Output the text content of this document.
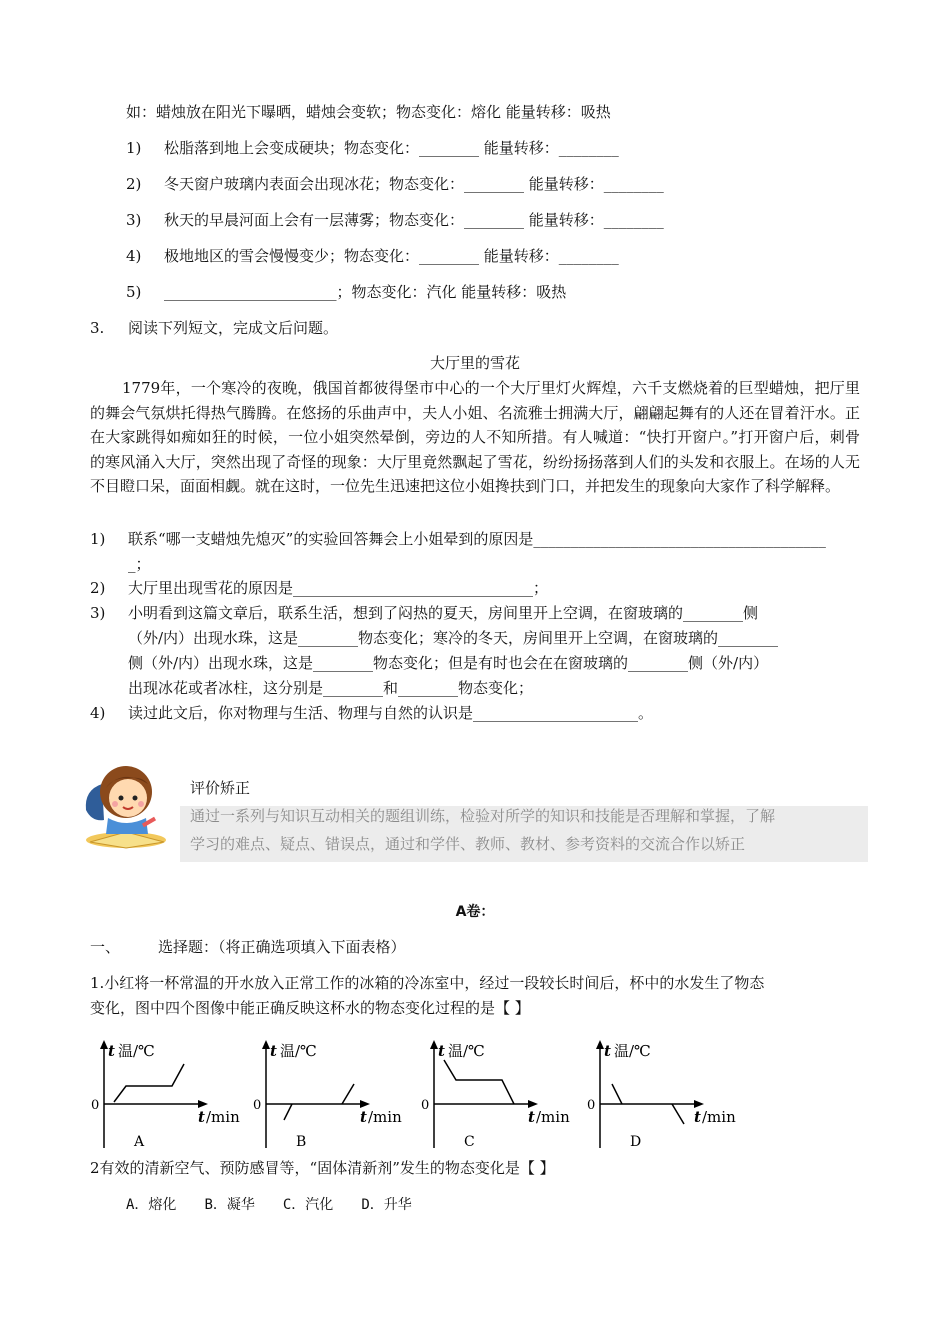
如：蜡烛放在阳光下曝晒，蜡烛会变软；物态变化：熔化 能量转移：吸热
1) 松脂落到地上会变成硬块；物态变化：________ 能量转移：________
2) 冬天窗户玻璃内表面会出现冰花；物态变化：________ 能量转移：________
3) 秋天的早晨河面上会有一层薄雾；物态变化：________ 能量转移：________
4) 极地地区的雪会慢慢变少；物态变化：________ 能量转移：________
5) _______________________；物态变化：汽化 能量转移：吸热
3. 阅读下列短文，完成文后问题。
大厅里的雪花
1779年，一个寒冷的夜晚，俄国首都彼得堡市中心的一个大厅里灯火辉煌，六千支燃烧着的巨型蜡烛，把厅里的舞会气氛烘托得热气腾腾。在悠扬的乐曲声中，夫人小姐、名流雅士拥满大厅，翩翩起舞有的人还在冒着汗水。正在大家跳得如痴如狂的时候，一位小姐突然晕倒，旁边的人不知所措。有人喊道：“快打开窗户。”打开窗户后，刺骨的寒风涌入大厅，突然出现了奇怪的现象：大厅里竟然飘起了雪花，纷纷扬扬落到人们的头发和衣服上。在场的人无不目瞪口呆，面面相觑。就在这时，一位先生迅速把这位小姐搀扶到门口，并把发生的现象向大家作了科学解释。
1) 联系“哪一支蜡烛先熄灭”的实验回答舞会上小姐晕到的原因是_______________________________________
_；
2) 大厅里出现雪花的原因是________________________________；
3) 小明看到这篇文章后，联系生活，想到了闷热的夏天，房间里开上空调，在窗玻璃的________侧
（外/内）出现水珠，这是________物态变化；寒冷的冬天，房间里开上空调，在窗玻璃的________
侧（外/内）出现水珠，这是________物态变化；但是有时也会在在窗玻璃的________侧（外/内）
出现冰花或者冰柱，这分别是________和________物态变化；
4) 读过此文后，你对物理与生活、物理与自然的认识是______________________。
评价矫正
通过一系列与知识互动相关的题组训练，检验对所学的知识和技能是否理解和掌握，了解
学习的难点、疑点、错误点，通过和学伴、教师、教材、参考资料的交流合作以矫正
A卷：
一、	选择题：（将正确选项填入下面表格）
1.小红将一杯常温的开水放入正常工作的冰箱的冷冻室中，经过一段较长时间后，杯中的水发生了物态
变化，图中四个图像中能正确反映这杯水的物态变化过程的是【 】
t 温/℃
0
t /min
A
t 温/℃
0
t /min
B
t 温/℃
0
t /min
C
t 温/℃
0
t /min
D
2有效的清新空气、预防感冒等，“固体清新剂”发生的物态变化是【 】
A．熔化 B．凝华 C．汽化 D．升华
